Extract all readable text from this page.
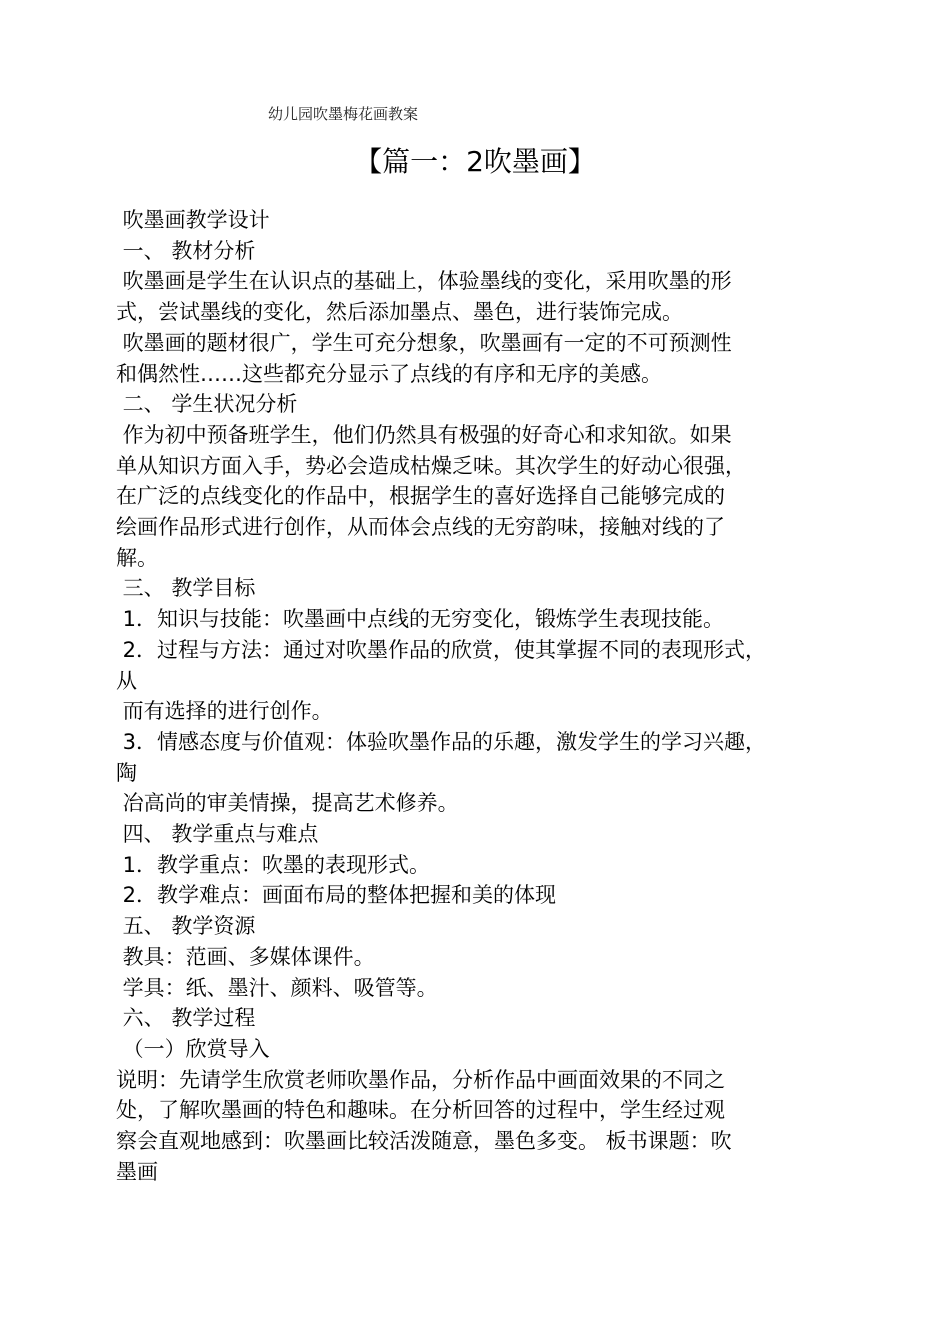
幼儿园吹墨梅花画教案
【篇一：2吹墨画】
吹墨画教学设计
一、 教材分析
吹墨画是学生在认识点的基础上，体验墨线的变化，采用吹墨的形
式，尝试墨线的变化，然后添加墨点、墨色，进行装饰完成。
吹墨画的题材很广，学生可充分想象，吹墨画有一定的不可预测性
和偶然性……这些都充分显示了点线的有序和无序的美感。
二、 学生状况分析
作为初中预备班学生，他们仍然具有极强的好奇心和求知欲。如果
单从知识方面入手，势必会造成枯燥乏味。其次学生的好动心很强，
在广泛的点线变化的作品中，根据学生的喜好选择自己能够完成的
绘画作品形式进行创作，从而体会点线的无穷韵味，接触对线的了
解。
三、 教学目标
1．知识与技能：吹墨画中点线的无穷变化，锻炼学生表现技能。
2．过程与方法：通过对吹墨作品的欣赏，使其掌握不同的表现形式，
从
而有选择的进行创作。
3．情感态度与价值观：体验吹墨作品的乐趣，激发学生的学习兴趣，
陶
冶高尚的审美情操，提高艺术修养。
四、 教学重点与难点
1．教学重点：吹墨的表现形式。
2．教学难点：画面布局的整体把握和美的体现
五、 教学资源
教具：范画、多媒体课件。
学具：纸、墨汁、颜料、吸管等。
六、 教学过程
（一）欣赏导入
说明：先请学生欣赏老师吹墨作品，分析作品中画面效果的不同之
处，了解吹墨画的特色和趣味。在分析回答的过程中，学生经过观
察会直观地感到：吹墨画比较活泼随意，墨色多变。 板书课题：吹
墨画
